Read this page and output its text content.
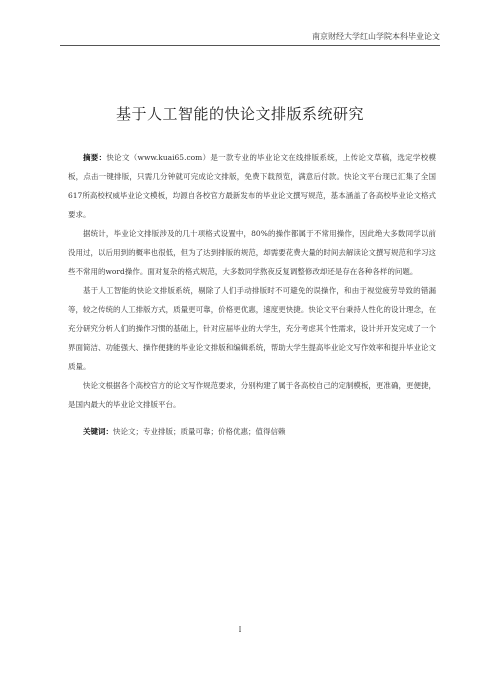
南京财经大学红山学院本科毕业论文
基于人工智能的快论文排版系统研究

摘要：快论文（www.kuai65.com）是一款专业的毕业论文在线排版系统，上传论文草稿，选定学校模板，点击一键排版，只需几分钟就可完成论文排版，免费下载预览，满意后付款。快论文平台现已汇集了全国617所高校权威毕业论文模板，均源自各校官方最新发布的毕业论文撰写规范，基本涵盖了各高校毕业论文格式要求。

据统计，毕业论文排版涉及的几十项格式设置中，80%的操作都属于不常用操作，因此绝大多数同学以前没用过，以后用到的概率也很低，但为了达到排版的规范，却需要花费大量的时间去解读论文撰写规范和学习这些不常用的word操作。面对复杂的格式规范，大多数同学熬夜反复调整修改却还是存在各种各样的问题。

基于人工智能的快论文排版系统，剔除了人们手动排版时不可避免的误操作，和由于视觉疲劳导致的错漏等，较之传统的人工排版方式，质量更可靠，价格更优惠，速度更快捷。快论文平台秉持人性化的设计理念，在充分研究分析人们的操作习惯的基础上，针对应届毕业的大学生，充分考虑其个性需求，设计并开发完成了一个界面简洁、功能强大、操作便捷的毕业论文排版和编辑系统，帮助大学生提高毕业论文写作效率和提升毕业论文质量。

快论文根据各个高校官方的论文写作规范要求，分别构建了属于各高校自己的定制模板，更准确，更便捷，是国内最大的毕业论文排版平台。

关键词：快论文；专业排版；质量可靠；价格优惠；值得信赖

I
